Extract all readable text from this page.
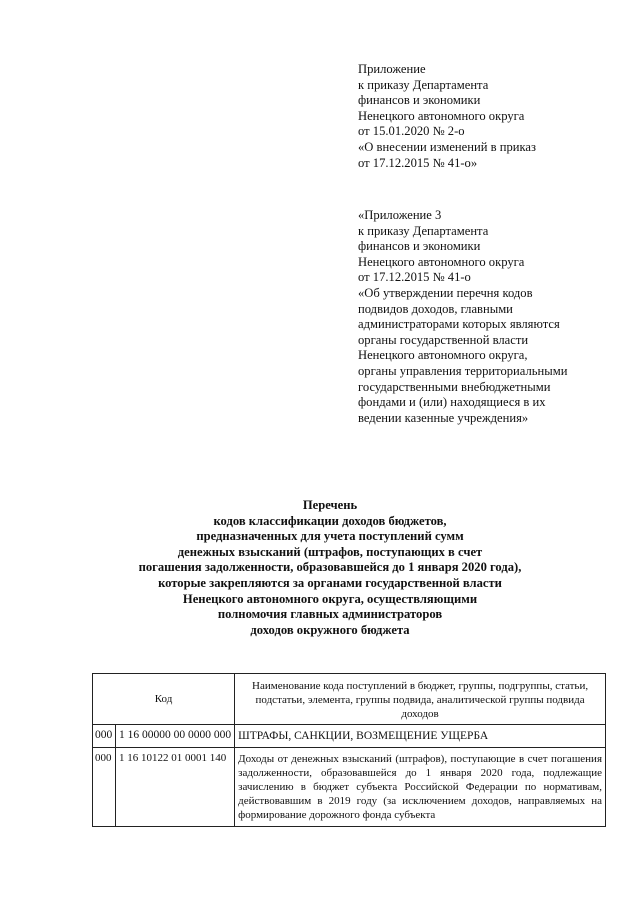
Приложение

к приказу Департамента

финансов и экономики

Ненецкого автономного округа

от 15.01.2020 № 2-о

«О внесении изменений в приказ

от 17.12.2015 № 41-о»

«Приложение 3

к приказу Департамента

финансов и экономики

Ненецкого автономного округа

от 17.12.2015 № 41-о

«Об утверждении перечня кодов

подвидов доходов, главными

администраторами которых являются

органы государственной власти

Ненецкого автономного округа,

органы управления территориальными

государственными внебюджетными

фондами и (или) находящиеся в их

ведении казенные учреждения»

Перечень

кодов классификации доходов бюджетов,

предназначенных для учета поступлений сумм

денежных взысканий (штрафов, поступающих в счет

погашения задолженности, образовавшейся до 1 января 2020 года),

которые закрепляются за органами государственной власти

Ненецкого автономного округа, осуществляющими

полномочия главных администраторов

доходов окружного бюджета

Код		Наименование кода поступлений в бюджет, группы, подгруппы, статьи, подстатьи, элемента, группы подвида, аналитической группы подвида доходов
000	1 16 00000 00 0000 000	ШТРАФЫ, САНКЦИИ, ВОЗМЕЩЕНИЕ УЩЕРБА
000	1 16 10122 01 0001 140	Доходы от денежных взысканий (штрафов), поступающие в счет погашения задолженности, образовавшейся до 1 января 2020 года, подлежащие зачислению в бюджет субъекта Российской Федерации по нормативам, действовавшим в 2019 году (за исключением доходов, направляемых на формирование дорожного фонда субъекта
